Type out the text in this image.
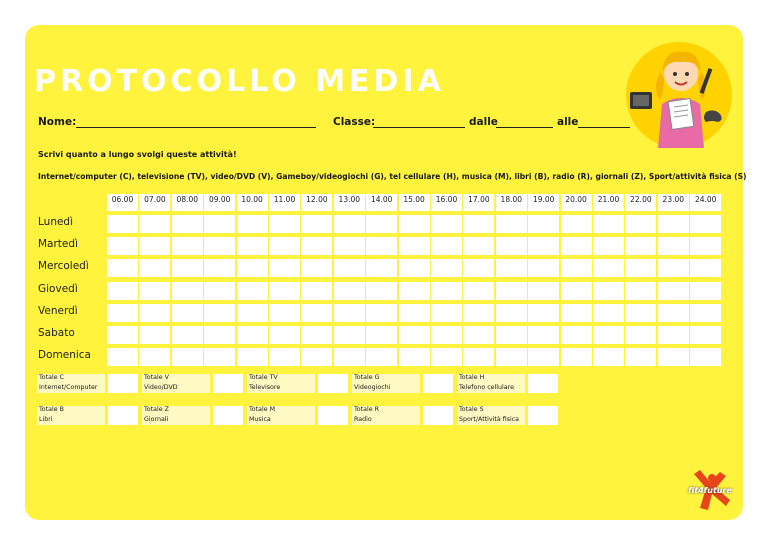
PROTOCOLLO MEDIA
Nome:	Classe:	dalle	alle
Scrivi quanto a lungo svolgi queste attività!
Internet/computer (C), televisione (TV), video/DVD (V), Gameboy/videogiochi (G), tel cellulare (H), musica (M), libri (B), radio (R), giornali (Z), Sport/attività fisica (S)
06.00	07.00	08.00	09.00	10.00	11.00	12.00	13.00	14.00	15.00	16.00	17.00	18.00	19.00	20.00	21.00	22.00	23.00	24.00
Lunedì
Martedì
Mercoledì
Giovedì
Venerdì
Sabato
Domenica
Totale C
Internet/Computer
Totale V
Video/DVD
Totale TV
Televisore
Totale G
Videogiochi
Totale H
Telefono cellulare
Totale B
Libri
Totale Z
Giornali
Totale M
Musica
Totale R
Radio
Totale S
Sport/Attività fisica
fit4future
